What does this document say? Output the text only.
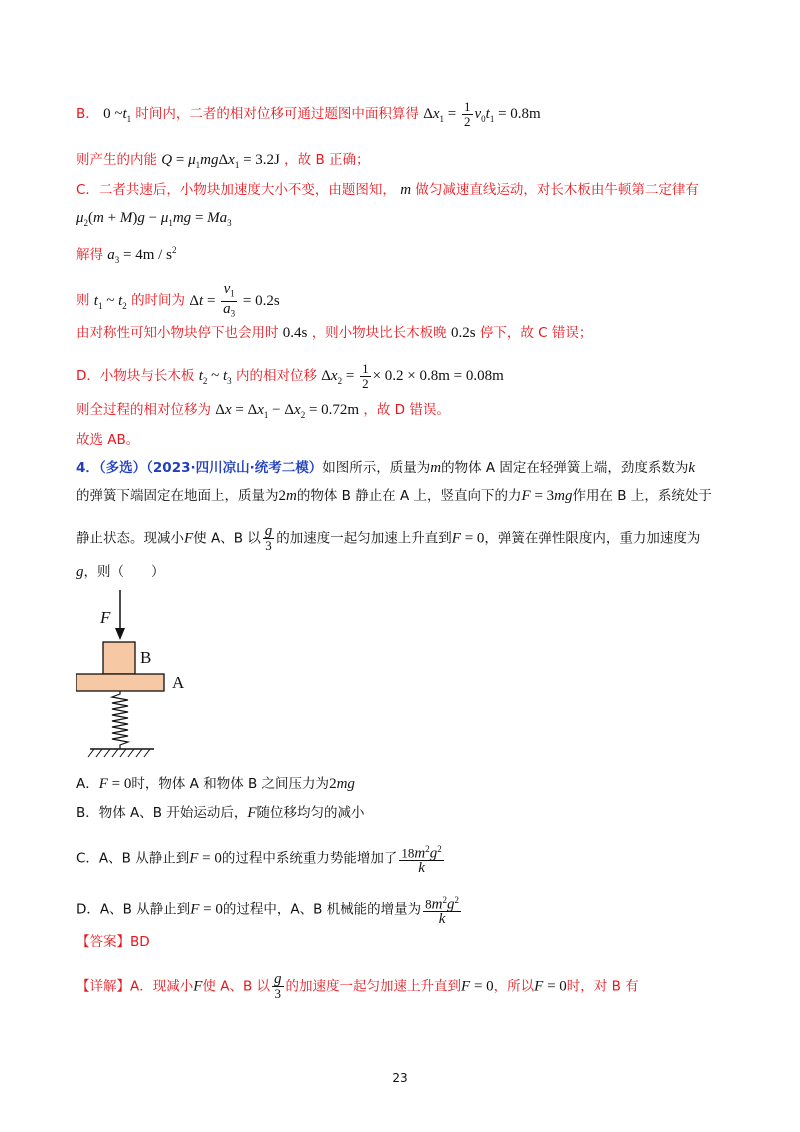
B． 0 $\sim t_1$ 时间内，二者的相对位移可通过题图中面积算得 $\Delta x_1 = \frac{1}{2} v_0t_1 = 0.8m$
则产生的内能 $Q = \mu_1mg\Delta x_1 = 3.2J$ ，故 B 正确；
C．二者共速后，小物块加速度大小不变，由题图知， m 做匀减速直线运动，对长木板由牛顿第二定律有
$\mu_2(m + M)g - \mu_1mg = Ma_3$
解得 $a_3 = 4m / s^2$
则 $t_1$ ~ $t_2$ 的时间为 $\Delta t = \frac{v_1}{a_3} = 0.2s$
由对称性可知小物块停下也会用时 0.4s ，则小物块比长木板晚 0.2s 停下，故 C 错误；
D．小物块与长木板 $t_2$ ~ $t_3$ 内的相对位移 $\Delta x_2 = \frac{1}{2} \times 0.2 \times 0.8m = 0.08m$
则全过程的相对位移为 $\Delta x = \Delta x_1 - \Delta x_2 = 0.72m$ ，故 D 错误。
故选 AB。
4．（多选）（2023·四川凉山·统考二模）如图所示，质量为m的物体 A 固定在轻弹簧上端，劲度系数为k
的弹簧下端固定在地面上，质量为2m的物体 B 静止在 A 上，竖直向下的力F = 3mg作用在 B 上，系统处于
静止状态。现减小F使 A、B 以 $\frac{g}{3}$ 的加速度一起匀加速上升直到F = 0，弹簧在弹性限度内，重力加速度为
g，则（　　）
F
B
A
A．F = 0时，物体 A 和物体 B 之间压力为2mg
B．物体 A、B 开始运动后，F随位移均匀的减小
C．A、B 从静止到F = 0的过程中系统重力势能增加了 $\frac{18m^2g^2}{k}$
D．A、B 从静止到F = 0的过程中，A、B 机械能的增量为 $\frac{8m^2g^2}{k}$
【答案】BD
【详解】A．现减小F使 A、B 以 $\frac{g}{3}$ 的加速度一起匀加速上升直到F = 0，所以F = 0时，对 B 有
23
